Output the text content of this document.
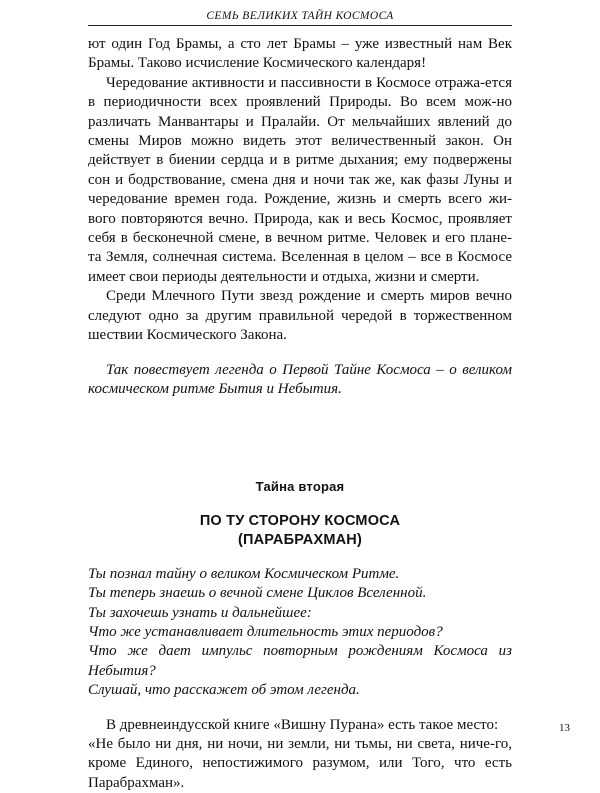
СЕМЬ ВЕЛИКИХ ТАЙН КОСМОСА

ют один Год Брамы, а сто лет Брамы – уже известный нам Век Брамы. Таково исчисление Космического календаря!

Чередование активности и пассивности в Космосе отража-ется в периодичности всех проявлений Природы. Во всем мож-но различать Манвантары и Пралайи. От мельчайших явлений до смены Миров можно видеть этот величественный закон. Он действует в биении сердца и в ритме дыхания; ему подвержены сон и бодрствование, смена дня и ночи так же, как фазы Луны и чередование времен года. Рождение, жизнь и смерть всего жи-вого повторяются вечно. Природа, как и весь Космос, проявляет себя в бесконечной смене, в вечном ритме. Человек и его плане-та Земля, солнечная система. Вселенная в целом – все в Космосе имеет свои периоды деятельности и отдыха, жизни и смерти.

Среди Млечного Пути звезд рождение и смерть миров вечно следуют одно за другим правильной чередой в торжественном шествии Космического Закона.

Так повествует легенда о Первой Тайне Космоса – о великом космическом ритме Бытия и Небытия.

Тайна вторая

ПО ТУ СТОРОНУ КОСМОСА

(ПАРАБРАХМАН)

Ты познал тайну о великом Космическом Ритме.

Ты теперь знаешь о вечной смене Циклов Вселенной.

Ты захочешь узнать и дальнейшее:

Что же устанавливает длительность этих периодов?

Что же дает импульс повторным рождениям Космоса из Небытия?

Слушай, что расскажет об этом легенда.

В древнеиндусской книге «Вишну Пурана» есть такое место:

«Не было ни дня, ни ночи, ни земли, ни тьмы, ни света, ниче-го, кроме Единого, непостижимого разумом, или Того, что есть Парабрахман».

13
